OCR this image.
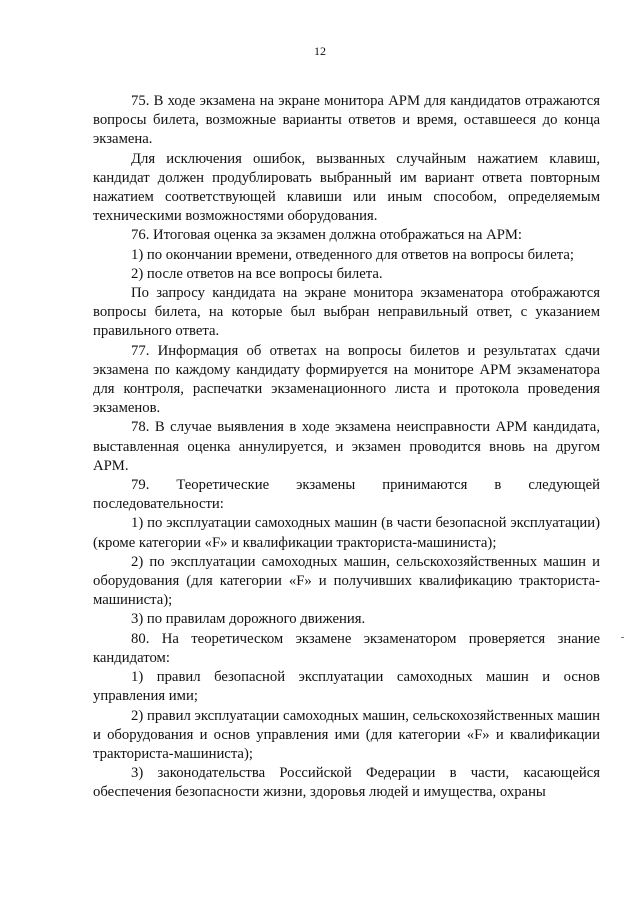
12

75. В ходе экзамена на экране монитора АРМ для кандидатов отражаются вопросы билета, возможные варианты ответов и время, оставшееся до конца экзамена.

Для исключения ошибок, вызванных случайным нажатием клавиш, кандидат должен продублировать выбранный им вариант ответа повторным нажатием соответствующей клавиши или иным способом, определяемым техническими возможностями оборудования.

76. Итоговая оценка за экзамен должна отображаться на АРМ:

1) по окончании времени, отведенного для ответов на вопросы билета;

2) после ответов на все вопросы билета.

По запросу кандидата на экране монитора экзаменатора отображаются вопросы билета, на которые был выбран неправильный ответ, с указанием правильного ответа.

77. Информация об ответах на вопросы билетов и результатах сдачи экзамена по каждому кандидату формируется на мониторе АРМ экзаменатора для контроля, распечатки экзаменационного листа и протокола проведения экзаменов.

78. В случае выявления в ходе экзамена неисправности АРМ кандидата, выставленная оценка аннулируется, и экзамен проводится вновь на другом АРМ.

79. Теоретические экзамены принимаются в следующей последовательности:

1) по эксплуатации самоходных машин (в части безопасной эксплуатации) (кроме категории «F» и квалификации тракториста-машиниста);

2) по эксплуатации самоходных машин, сельскохозяйственных машин и оборудования (для категории «F» и получивших квалификацию тракториста-машиниста);

3) по правилам дорожного движения.

80. На теоретическом экзамене экзаменатором проверяется знание кандидатом:

1) правил безопасной эксплуатации самоходных машин и основ управления ими;

2) правил эксплуатации самоходных машин, сельскохозяйственных машин и оборудования и основ управления ими (для категории «F» и квалификации тракториста-машиниста);

3) законодательства Российской Федерации в части, касающейся обеспечения безопасности жизни, здоровья людей и имущества, охраны
